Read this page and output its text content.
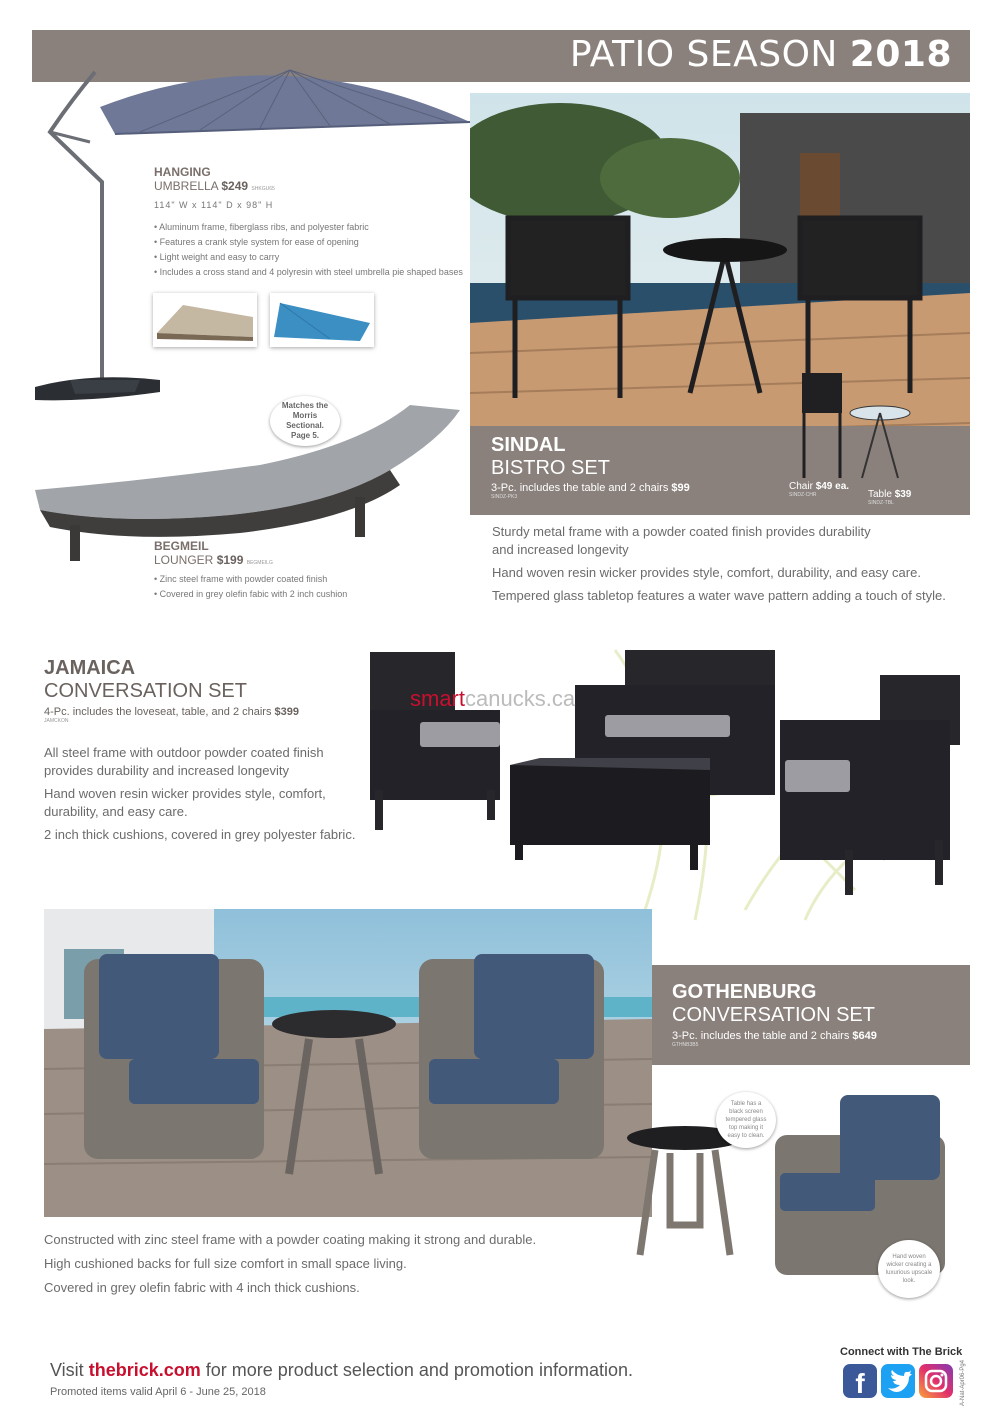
PATIO SEASON 2018
HANGING
UMBRELLA $249 SHKGU65
114" W x 114" D x 98" H
• Aluminum frame, fiberglass ribs, and polyester fabric
• Features a crank style system for ease of opening
• Light weight and easy to carry
• Includes a cross stand and 4 polyresin with steel umbrella pie shaped bases
Matches the Morris Sectional. Page 5.
BEGMEIL
LOUNGER $199 BEGMEILG
• Zinc steel frame with powder coated finish
• Covered in grey olefin fabic with 2 inch cushion
SINDAL
BISTRO SET
3-Pc. includes the table and 2 chairs $99
SINDZ-PK3
Chair $49 ea.
SINDZ-CHR	Table $39
SINDZ-TBL
Sturdy metal frame with a powder coated finish provides durability and increased longevity
Hand woven resin wicker provides style, comfort, durability, and easy care.
Tempered glass tabletop features a water wave pattern adding a touch of style.
JAMAICA
CONVERSATION SET
4-Pc. includes the loveseat, table, and 2 chairs $399
JAMCKON
All steel frame with outdoor powder coated finish provides durability and increased longevity
Hand woven resin wicker provides style, comfort, durability, and easy care.
2 inch thick cushions, covered in grey polyester fabric.
smartcanucks.ca
GOTHENBURG
CONVERSATION SET
3-Pc. includes the table and 2 chairs $649
GTHNB3B5
Table has a black screen tempered glass top making it easy to clean.
Hand woven wicker creating a luxurious upscale look.
Constructed with zinc steel frame with a powder coating making it strong and durable.
High cushioned backs for full size comfort in small space living.
Covered in grey olefin fabric with 4 inch thick cushions.
Visit thebrick.com for more product selection and promotion information.
Promoted items valid April 6 - June 25, 2018
Connect with The Brick
f	A-Nat-Apr06-Pg4
